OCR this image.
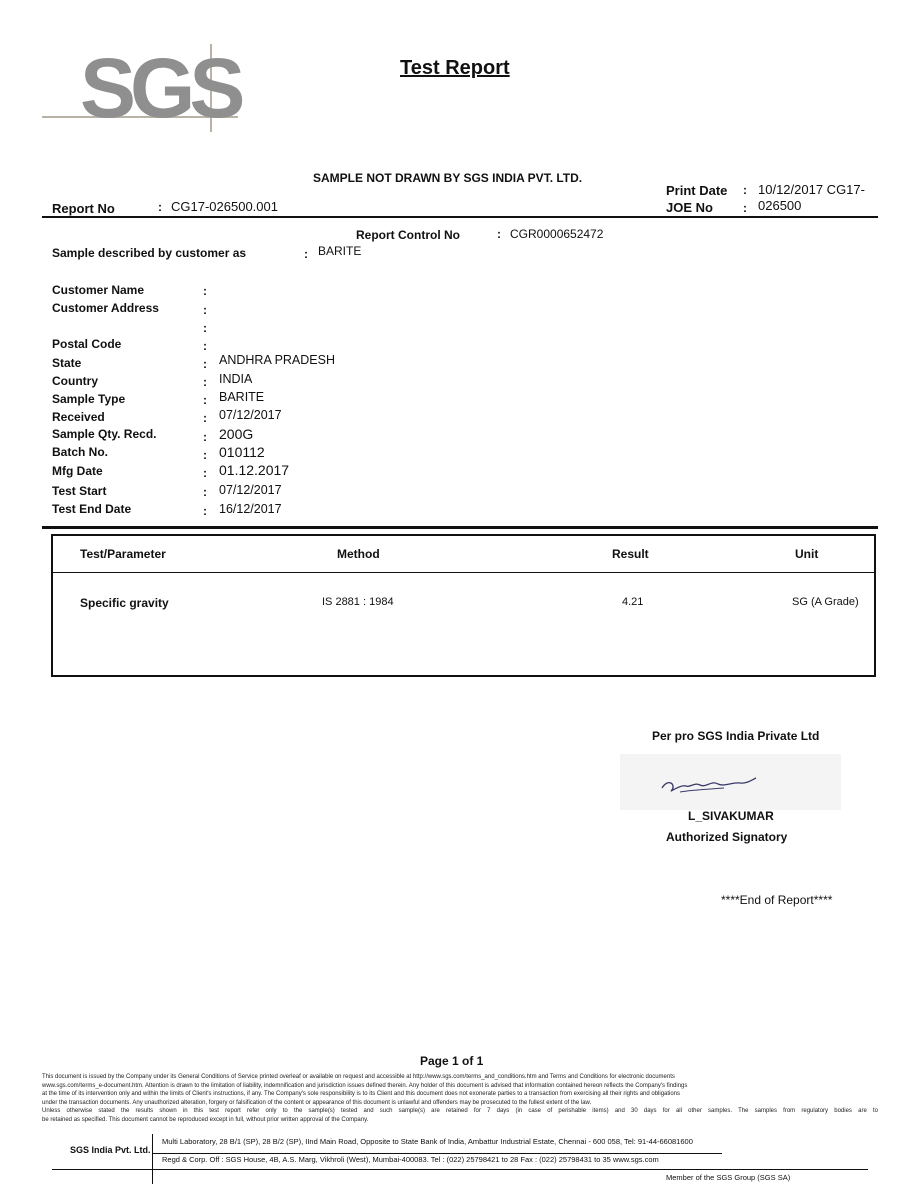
SGS	Test Report
SAMPLE NOT DRAWN BY SGS INDIA PVT. LTD.
Report No	: CG17-026500.001
Print Date : 10/12/2017 CG17-
JOE No	: 026500
Report Control No	: CGR0000652472
Sample described by customer as	: BARITE
Customer Name	:
Customer Address	:
:
Postal Code	:
State	: ANDHRA PRADESH
Country	: INDIA
Sample Type	: BARITE
Received	: 07/12/2017
Sample Qty. Recd.	: 200G
Batch No.	: 010112
Mfg Date	: 01.12.2017
Test Start	: 07/12/2017
Test End Date	: 16/12/2017
Test/Parameter	Method	Result	Unit
Specific gravity	IS 2881 : 1984	4.21	SG (A Grade)
Per pro SGS India Private Ltd
L_SIVAKUMAR
Authorized Signatory
****End of Report****
Page 1 of 1
This document is issued by the Company under its General Conditions of Service printed overleaf or available on request and accessible at http://www.sgs.com/terms_and_conditions.htm and Terms and Conditions for electronic documents
www.sgs.com/terms_e-document.htm. Attention is drawn to the limitation of liability, indemnification and jurisdiction issues defined therein. Any holder of this document is advised that information contained hereon reflects the Company's findings
at the time of its intervention only and within the limits of Client's instructions, if any. The Company's sole responsibility is to its Client and this document does not exonerate parties to a transaction from exercising all their rights and obligations
under the transaction documents. Any unauthorized alteration, forgery or falsification of the content or appearance of this document is unlawful and offenders may be prosecuted to the fullest extent of the law.
Unless otherwise stated the results shown in this test report refer only to the sample(s) tested and such sample(s) are retained for 7 days (in case of perishable items) and 30 days for all other samples. The samples from regulatory bodies are to
be retained as specified. This document cannot be reproduced except in full, without prior written approval of the Company.
SGS India Pvt. Ltd.
Multi Laboratory, 28 B/1 (SP), 28 B/2 (SP), IInd Main Road, Opposite to State Bank of India, Ambattur Industrial Estate, Chennai - 600 058, Tel: 91-44-66081600
Regd & Corp. Off : SGS House, 4B, A.S. Marg, Vikhroli (West), Mumbai-400083. Tel : (022) 25798421 to 28 Fax : (022) 25798431 to 35 www.sgs.com
Member of the SGS Group (SGS SA)
